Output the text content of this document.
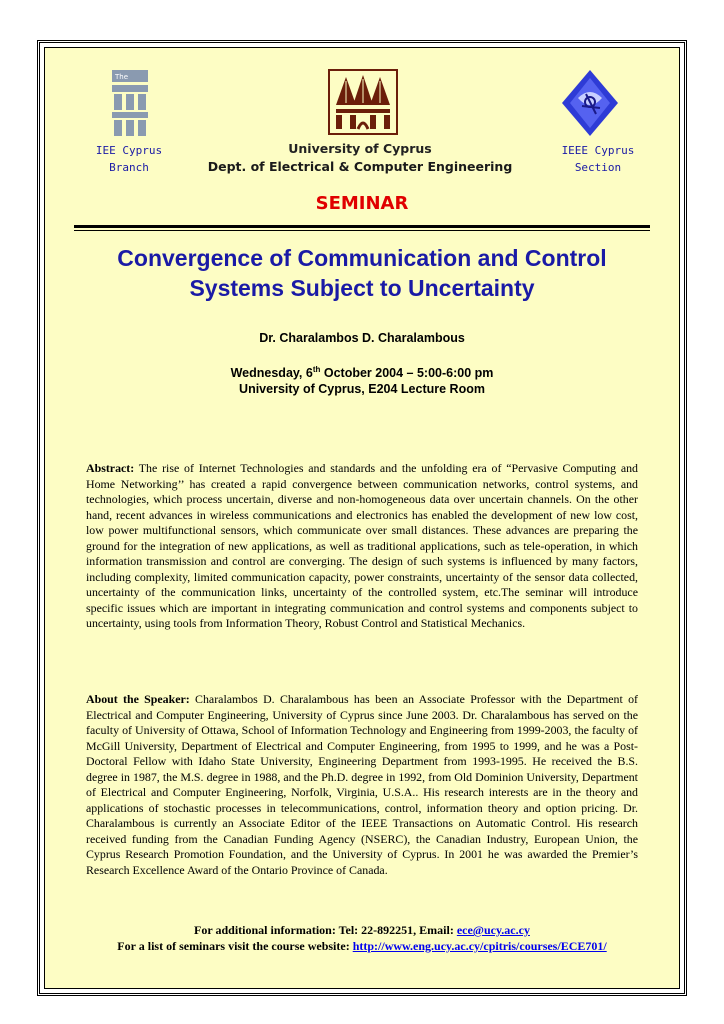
The
IEE Cyprus
Branch
IEEE Cyprus
Section
University of Cyprus
Dept. of Electrical & Computer Engineering
SEMINAR
Convergence of Communication and Control
Systems Subject to Uncertainty
Dr. Charalambos D. Charalambous
Wednesday, 6th October 2004 – 5:00-6:00 pm
University of Cyprus, E204 Lecture Room
Abstract: The rise of Internet Technologies and standards and the unfolding era of “Pervasive Computing and Home Networking’’ has created a rapid convergence between communication networks, control systems, and technologies, which process uncertain, diverse and non-homogeneous data over uncertain channels. On the other hand, recent advances in wireless communications and electronics has enabled the development of new low cost, low power multifunctional sensors, which communicate over small distances. These advances are preparing the ground for the integration of new applications, as well as traditional applications, such as tele-operation, in which information transmission and control are converging. The design of such systems is influenced by many factors, including complexity, limited communication capacity, power constraints, uncertainty of the sensor data collected, uncertainty of the communication links, uncertainty of the controlled system, etc.The seminar will introduce specific issues which are important in integrating communication and control systems and components subject to uncertainty, using tools from Information Theory, Robust Control and Statistical Mechanics.
About the Speaker: Charalambos D. Charalambous has been an Associate Professor with the Department of Electrical and Computer Engineering, University of Cyprus since June 2003. Dr. Charalambous has served on the faculty of University of Ottawa, School of Information Technology and Engineering from 1999-2003, the faculty of McGill University, Department of Electrical and Computer Engineering, from 1995 to 1999, and he was a Post-Doctoral Fellow with Idaho State University, Engineering Department from 1993-1995. He received the B.S. degree in 1987, the M.S. degree in 1988, and the Ph.D. degree in 1992, from Old Dominion University, Department of Electrical and Computer Engineering, Norfolk, Virginia, U.S.A.. His research interests are in the theory and applications of stochastic processes in telecommunications, control, information theory and option pricing. Dr. Charalambous is currently an Associate Editor of the IEEE Transactions on Automatic Control. His research received funding from the Canadian Funding Agency (NSERC), the Canadian Industry, European Union, the Cyprus Research Promotion Foundation, and the University of Cyprus. In 2001 he was awarded the Premier’s Research Excellence Award of the Ontario Province of Canada.
For additional information: Tel: 22-892251, Email: ece@ucy.ac.cy
For a list of seminars visit the course website: http://www.eng.ucy.ac.cy/cpitris/courses/ECE701/
